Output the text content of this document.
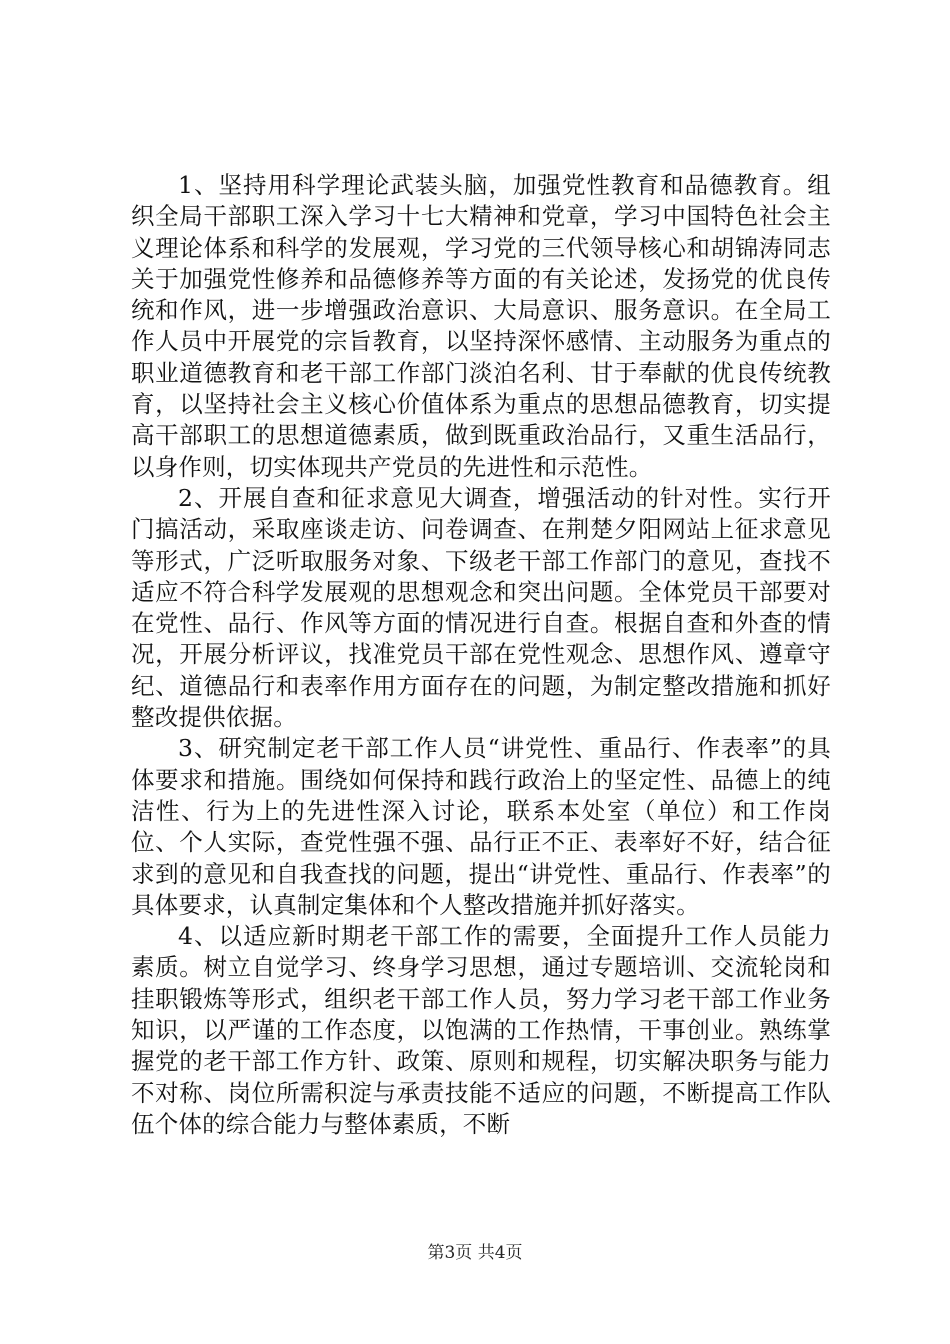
1、坚持用科学理论武装头脑，加强党性教育和品德教育。组织全局干部职工深入学习十七大精神和党章，学习中国特色社会主义理论体系和科学的发展观，学习党的三代领导核心和胡锦涛同志关于加强党性修养和品德修养等方面的有关论述，发扬党的优良传统和作风，进一步增强政治意识、大局意识、服务意识。在全局工作人员中开展党的宗旨教育，以坚持深怀感情、主动服务为重点的职业道德教育和老干部工作部门淡泊名利、甘于奉献的优良传统教育，以坚持社会主义核心价值体系为重点的思想品德教育，切实提高干部职工的思想道德素质，做到既重政治品行，又重生活品行，以身作则，切实体现共产党员的先进性和示范性。

2、开展自查和征求意见大调查，增强活动的针对性。实行开门搞活动，采取座谈走访、问卷调查、在荆楚夕阳网站上征求意见等形式，广泛听取服务对象、下级老干部工作部门的意见，查找不适应不符合科学发展观的思想观念和突出问题。全体党员干部要对在党性、品行、作风等方面的情况进行自查。根据自查和外查的情况，开展分析评议，找准党员干部在党性观念、思想作风、遵章守纪、道德品行和表率作用方面存在的问题，为制定整改措施和抓好整改提供依据。

3、研究制定老干部工作人员“讲党性、重品行、作表率”的具体要求和措施。围绕如何保持和践行政治上的坚定性、品德上的纯洁性、行为上的先进性深入讨论，联系本处室（单位）和工作岗位、个人实际，查党性强不强、品行正不正、表率好不好，结合征求到的意见和自我查找的问题，提出“讲党性、重品行、作表率”的具体要求，认真制定集体和个人整改措施并抓好落实。

4、以适应新时期老干部工作的需要，全面提升工作人员能力素质。树立自觉学习、终身学习思想，通过专题培训、交流轮岗和挂职锻炼等形式，组织老干部工作人员，努力学习老干部工作业务知识，以严谨的工作态度，以饱满的工作热情，干事创业。熟练掌握党的老干部工作方针、政策、原则和规程，切实解决职务与能力不对称、岗位所需积淀与承责技能不适应的问题，不断提高工作队伍个体的综合能力与整体素质，不断

第3页 共4页
